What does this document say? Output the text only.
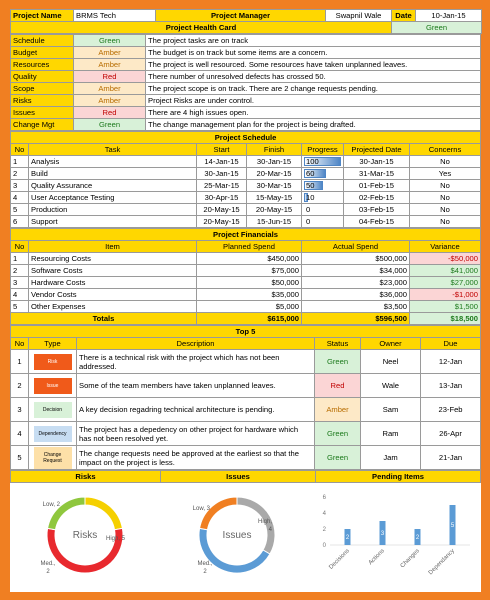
Project Name	BRMS Tech	Project Manager	Swapnil Wale	Date	10-Jan-15
Project Health Card				Green	
Schedule	Green	The project tasks are on track
Budget	Amber	The budget is on track but some items are a concern.
Resources	Amber	The project is well resourced. Some resources have taken unplanned leaves.
Quality	Red	There number of unresolved defects has crossed 50.
Scope	Amber	The project scope is on track. There are 2 change requests pending.
Risks	Amber	Project Risks are under control.
Issues	Red	There are 4 high issues open.
Change Mgt	Green	The change management plan for the project is being drafted.
Project Schedule						
No	Task	Start	Finish	Progress	Projected Date	Concerns
1	Analysis	14-Jan-15	30-Jan-15	100	30-Jan-15	No
2	Build	30-Jan-15	20-Mar-15	60	31-Mar-15	Yes
3	Quality Assurance	25-Mar-15	30-Mar-15	50	01-Feb-15	No
4	User Acceptance Testing	30-Apr-15	15-May-15	10	02-Feb-15	No
5	Production	20-May-15	20-May-15	0	03-Feb-15	No
6	Support	20-May-15	15-Jun-15	0	04-Feb-15	No
Project Financials				
No	Item	Planned Spend	Actual Spend	Variance
1	Resourcing Costs	$450,000	$500,000	-$50,000
2	Software Costs	$75,000	$34,000	$41,000
3	Hardware Costs	$50,000	$23,000	$27,000
4	Vendor Costs	$35,000	$36,000	-$1,000
5	Other Expenses	$5,000	$3,500	$1,500
Totals		$615,000	$596,500	$18,500
Top 5					
No	Type	Description	Status	Owner	Due
1	Risk	There is a technical risk with the project which has not been addressed.	Green	Neel	12-Jan
2	Issue	Some of the team members have taken unplanned leaves.	Red	Wale	13-Jan
3	Decision	A key decision regadring technical architecture is pending.	Amber	Sam	23-Feb
4	Dependency	The project has a depedency on other project for hardware which has not been resolved yet.	Green	Ram	26-Apr
5	Change Request	The change requests need be approved at the earliest so that the impact on the project is less.	Green	Jam	21-Jan
Risks	Issues	Pending Items
Risks
Low, 2
High, 5
Med., 2
Issues
Low, 3
High, 4
Med., 2
6
4
2
0
2
Decisions
3
Actions
2
Changes
5
Dependancy
